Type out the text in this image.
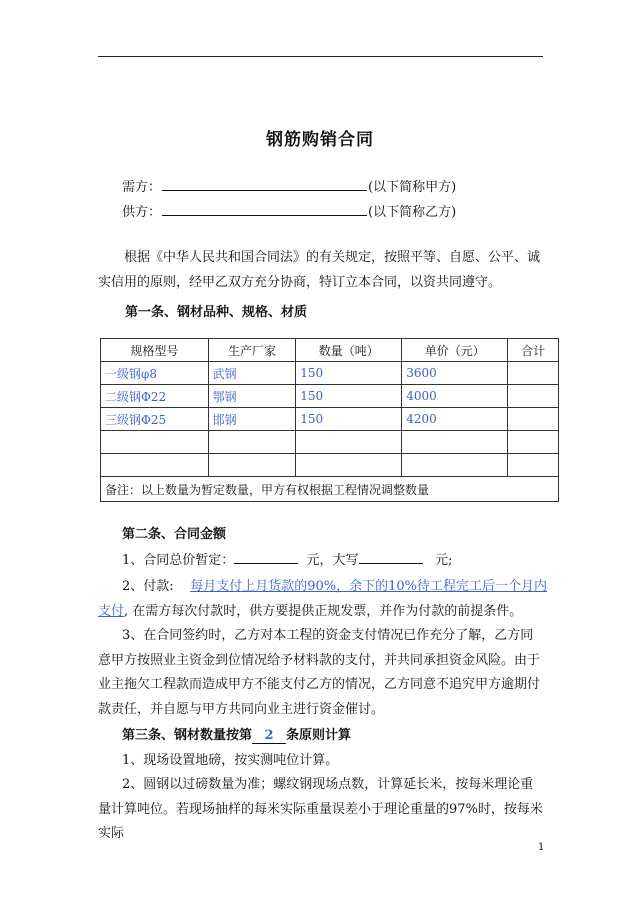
钢筋购销合同
需方：	(以下简称甲方)
供方：	(以下简称乙方)
根据《中华人民共和国合同法》的有关规定，按照平等、自愿、公平、诚实信用的原则，经甲乙双方充分协商，特订立本合同，以资共同遵守。
第一条、钢材品种、规格、材质
规格型号	生产厂家	数量（吨）	单价（元）	合计
一级钢φ8	武钢	150	3600	
二级钢Φ22	鄂钢	150	4000	
三级钢Φ25	邯钢	150	4200	

备注：以上数量为暂定数量，甲方有权根据工程情况调整数量				
第二条、合同金额
1、合同总价暂定：	元，大写	元;
2、付款: 每月支付上月货款的90%，余下的10%待工程完工后一个月内
支付, 在需方每次付款时，供方要提供正规发票，并作为付款的前提条件。
3、在合同签约时，乙方对本工程的资金支付情况已作充分了解，乙方同意甲方按照业主资金到位情况给予材料款的支付，并共同承担资金风险。由于业主拖欠工程款而造成甲方不能支付乙方的情况，乙方同意不追究甲方逾期付款责任，并自愿与甲方共同向业主进行资金催讨。
第三条、钢材数量按第 2 条原则计算
1、现场设置地磅，按实测吨位计算。
2、圆钢以过磅数量为准；螺纹钢现场点数，计算延长米，按每米理论重量计算吨位。若现场抽样的每米实际重量误差小于理论重量的97%时，按每米实际
1
